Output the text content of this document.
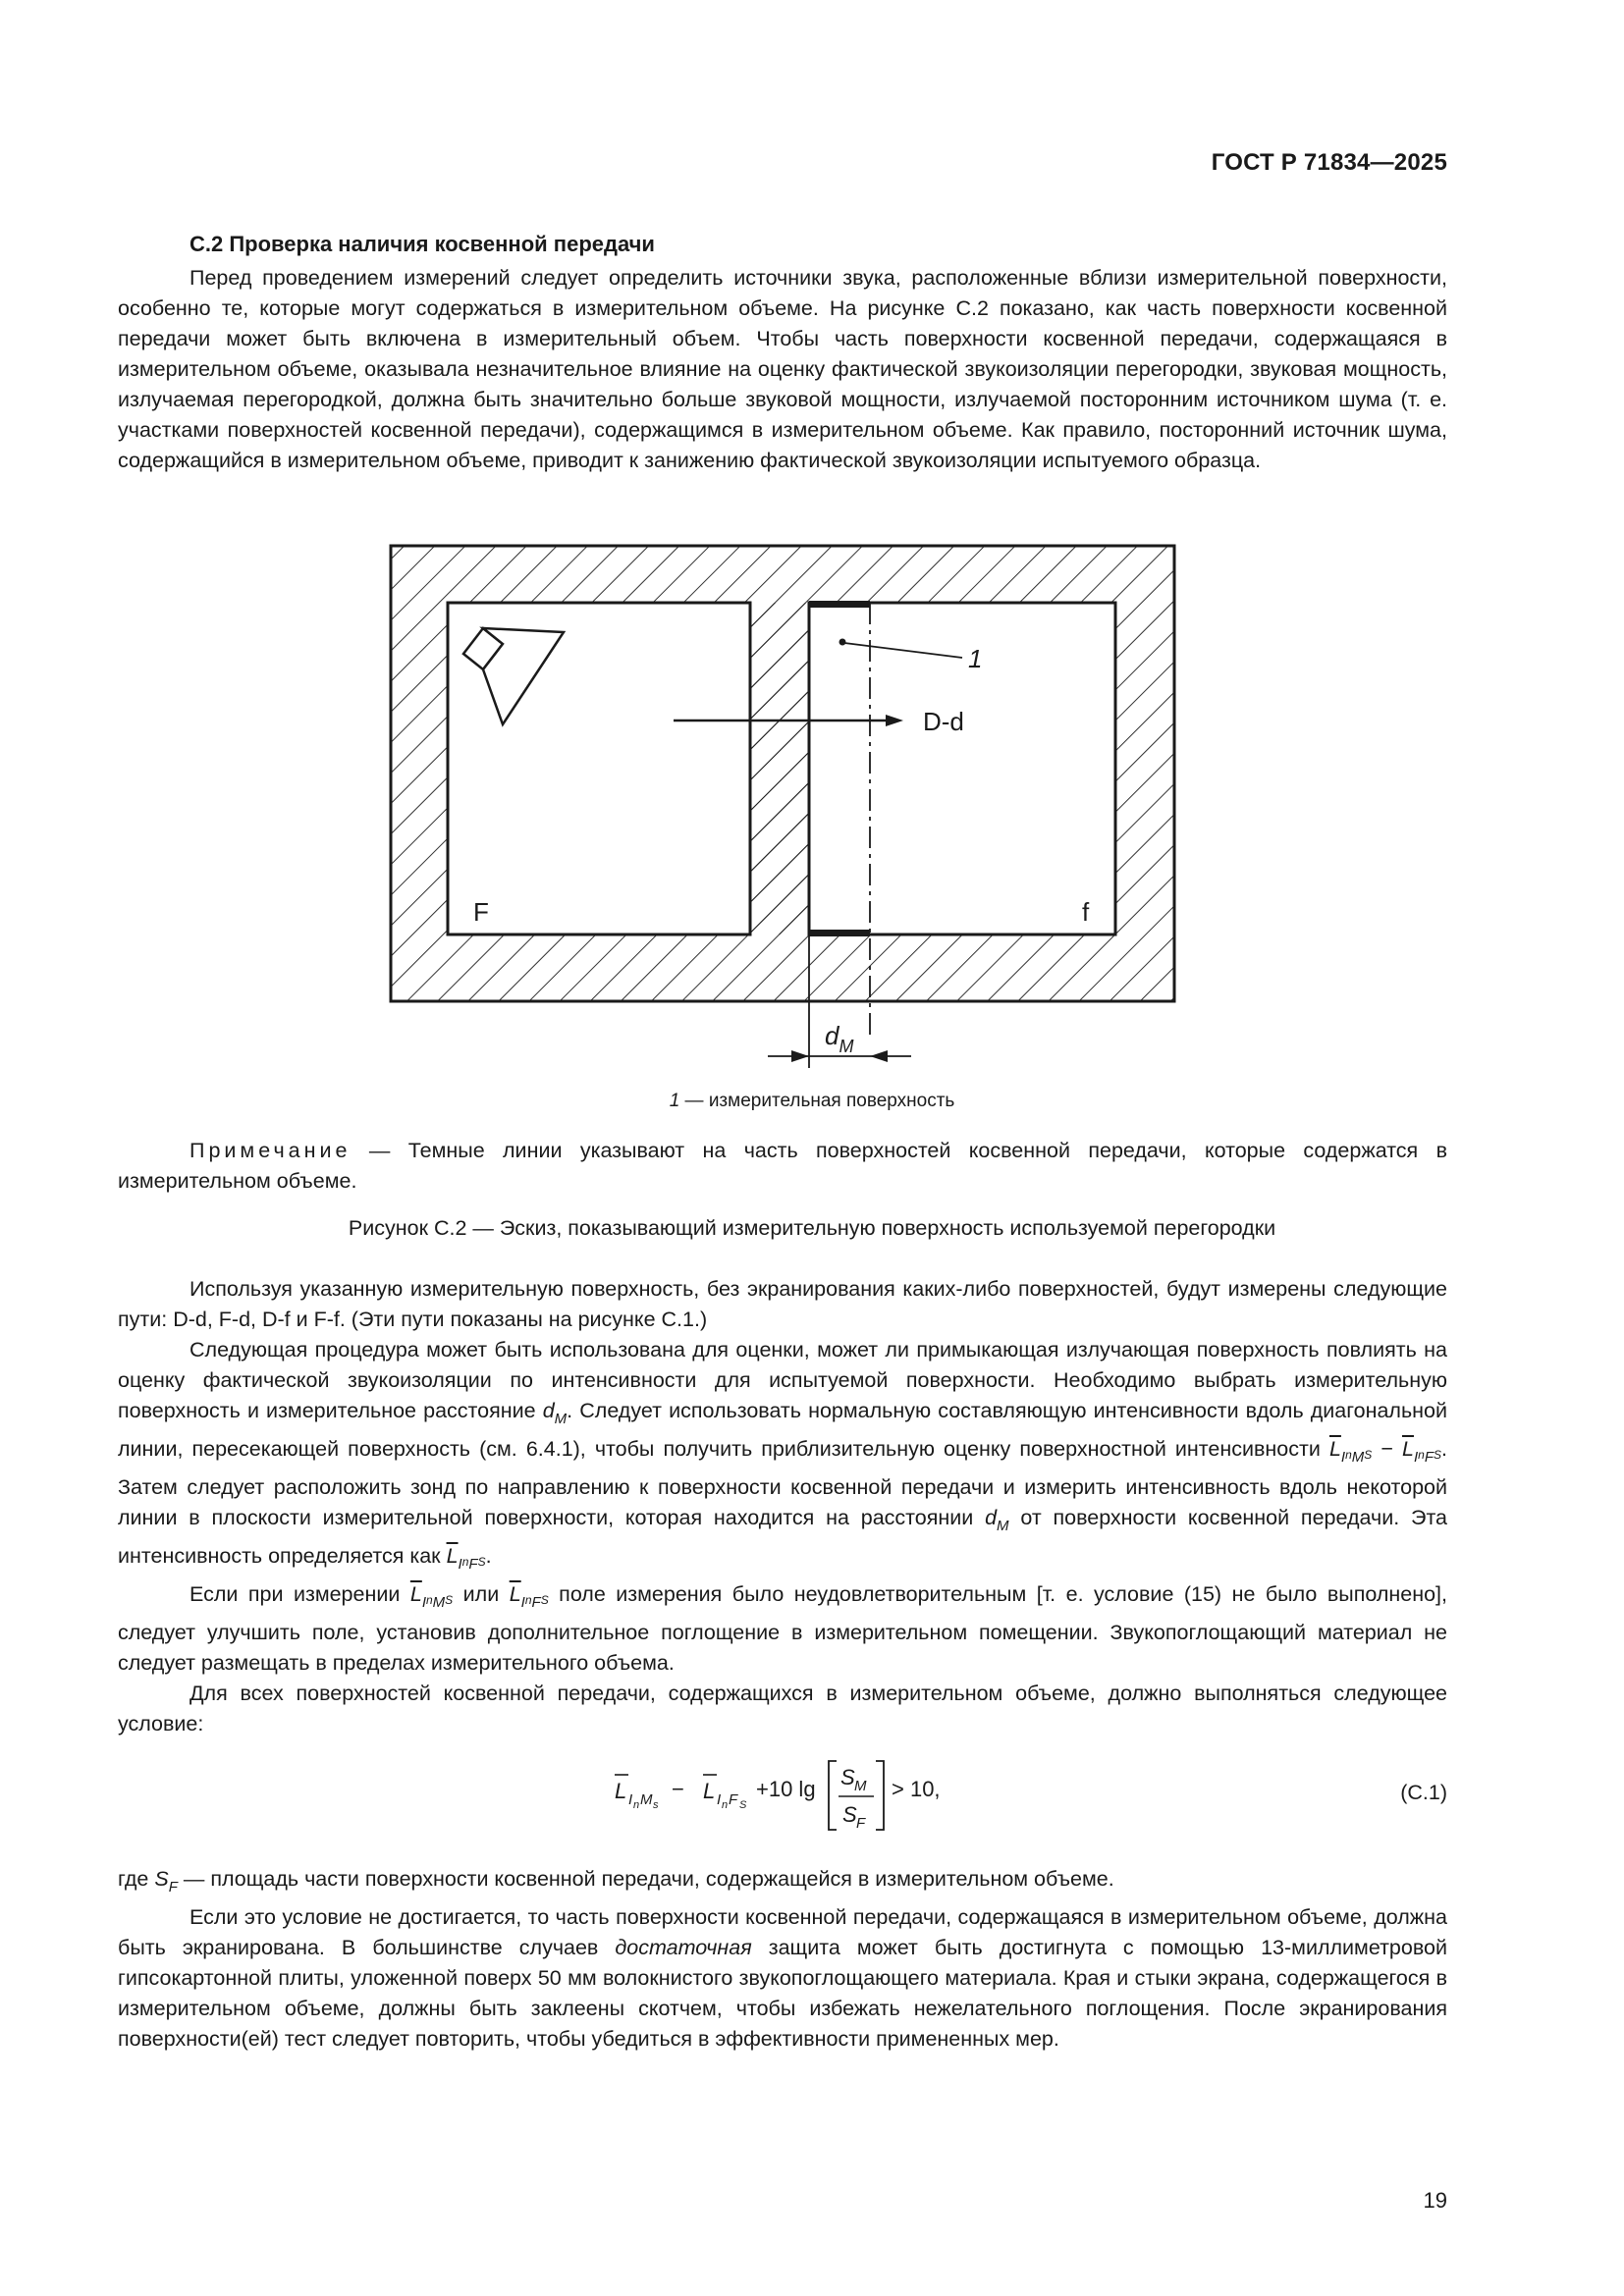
ГОСТ Р 71834—2025
С.2 Проверка наличия косвенной передачи

Перед проведением измерений следует определить источники звука, расположенные вблизи измерительной поверхности, особенно те, которые могут содержаться в измерительном объеме. На рисунке С.2 показано, как часть поверхности косвенной передачи может быть включена в измерительный объем. Чтобы часть поверхности косвенной передачи, содержащаяся в измерительном объеме, оказывала незначительное влияние на оценку фактической звукоизоляции перегородки, звуковая мощность, излучаемая перегородкой, должна быть значительно больше звуковой мощности, излучаемой посторонним источником шума (т. е. участками поверхностей косвенной передачи), содержащимся в измерительном объеме. Как правило, посторонний источник шума, содержащийся в измерительном объеме, приводит к занижению фактической звукоизоляции испытуемого образца.

D-d
1
F	f
$d_M$
1 — измерительная поверхность
Примечание — Темные линии указывают на часть поверхностей косвенной передачи, которые содержатся в измерительном объеме.
Рисунок С.2 — Эскиз, показывающий измерительную поверхность используемой перегородки

Используя указанную измерительную поверхность, без экранирования каких-либо поверхностей, будут измерены следующие пути: D-d, F-d, D-f и F-f. (Эти пути показаны на рисунке С.1.)

Следующая процедура может быть использована для оценки, может ли примыкающая излучающая поверхность повлиять на оценку фактической звукоизоляции по интенсивности для испытуемой поверхности. Необходимо выбрать измерительную поверхность и измерительное расстояние $d_M$. Следует использовать нормальную составляющую интенсивности вдоль диагональной линии, пересекающей поверхность (см. 6.4.1), чтобы получить приблизительную оценку поверхностной интенсивности $\overline{L}_In_MS - \overline{L}_In_FS$. Затем следует расположить зонд по направлению к поверхности косвенной передачи и измерить интенсивность вдоль некоторой линии в плоскости измерительной поверхности, которая находится на расстоянии $d_M$ от поверхности косвенной передачи. Эта интенсивность определяется как $\overline{L}_In_FS$.

Если при измерении $\overline{L}_In_MS$ или $\overline{L}_In_FS$ поле измерения было неудовлетворительным [т. е. условие (15) не было выполнено], следует улучшить поле, установив дополнительное поглощение в измерительном помещении. Звукопоглощающий материал не следует размещать в пределах измерительного объема.

Для всех поверхностей косвенной передачи, содержащихся в измерительном объеме, должно выполняться следующее условие:

L I n M s
− L I n F S
+10 lg S M
S F
> 10,	(С.1)

где $S_F$ — площадь части поверхности косвенной передачи, содержащейся в измерительном объеме.

Если это условие не достигается, то часть поверхности косвенной передачи, содержащаяся в измерительном объеме, должна быть экранирована. В большинстве случаев достаточная защита может быть достигнута с помощью 13-миллиметровой гипсокартонной плиты, уложенной поверх 50 мм волокнистого звукопоглощающего материала. Края и стыки экрана, содержащегося в измерительном объеме, должны быть заклеены скотчем, чтобы избежать нежелательного поглощения. После экранирования поверхности(ей) тест следует повторить, чтобы убедиться в эффективности примененных мер.

19
